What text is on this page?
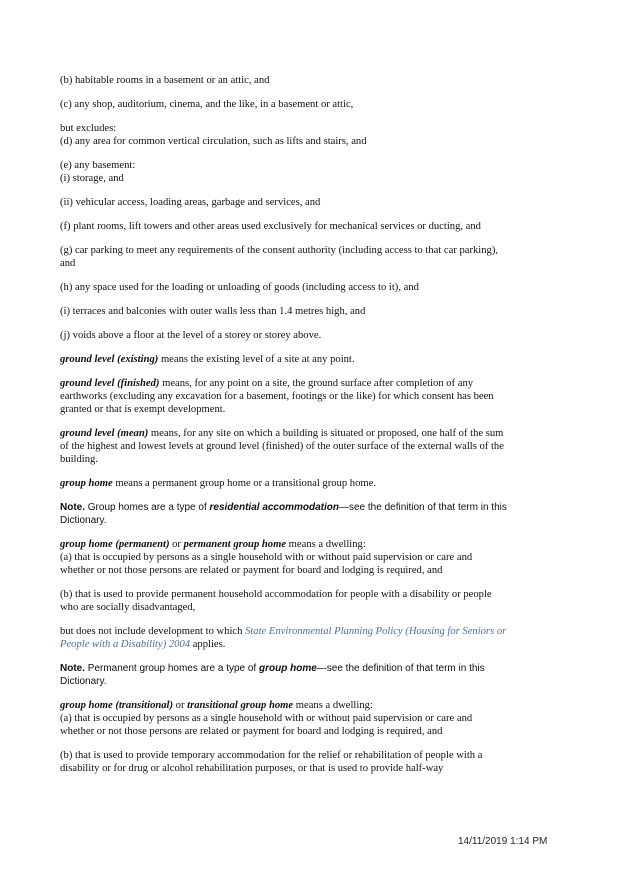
(b) habitable rooms in a basement or an attic, and

(c) any shop, auditorium, cinema, and the like, in a basement or attic,

but excludes:
(d) any area for common vertical circulation, such as lifts and stairs, and

(e) any basement:
(i) storage, and

(ii) vehicular access, loading areas, garbage and services, and

(f) plant rooms, lift towers and other areas used exclusively for mechanical services or ducting, and

(g) car parking to meet any requirements of the consent authority (including access to that car parking),
and

(h) any space used for the loading or unloading of goods (including access to it), and

(i) terraces and balconies with outer walls less than 1.4 metres high, and

(j) voids above a floor at the level of a storey or storey above.

ground level (existing) means the existing level of a site at any point.

ground level (finished) means, for any point on a site, the ground surface after completion of any
earthworks (excluding any excavation for a basement, footings or the like) for which consent has been
granted or that is exempt development.

ground level (mean) means, for any site on which a building is situated or proposed, one half of the sum
of the highest and lowest levels at ground level (finished) of the outer surface of the external walls of the
building.

group home means a permanent group home or a transitional group home.

Note. Group homes are a type of residential accommodation—see the definition of that term in this
Dictionary.

group home (permanent) or permanent group home means a dwelling:
(a) that is occupied by persons as a single household with or without paid supervision or care and
whether or not those persons are related or payment for board and lodging is required, and

(b) that is used to provide permanent household accommodation for people with a disability or people
who are socially disadvantaged,

but does not include development to which State Environmental Planning Policy (Housing for Seniors or
People with a Disability) 2004 applies.

Note. Permanent group homes are a type of group home—see the definition of that term in this
Dictionary.

group home (transitional) or transitional group home means a dwelling:
(a) that is occupied by persons as a single household with or without paid supervision or care and
whether or not those persons are related or payment for board and lodging is required, and

(b) that is used to provide temporary accommodation for the relief or rehabilitation of people with a
disability or for drug or alcohol rehabilitation purposes, or that is used to provide half-way

14/11/2019 1:14 PM
